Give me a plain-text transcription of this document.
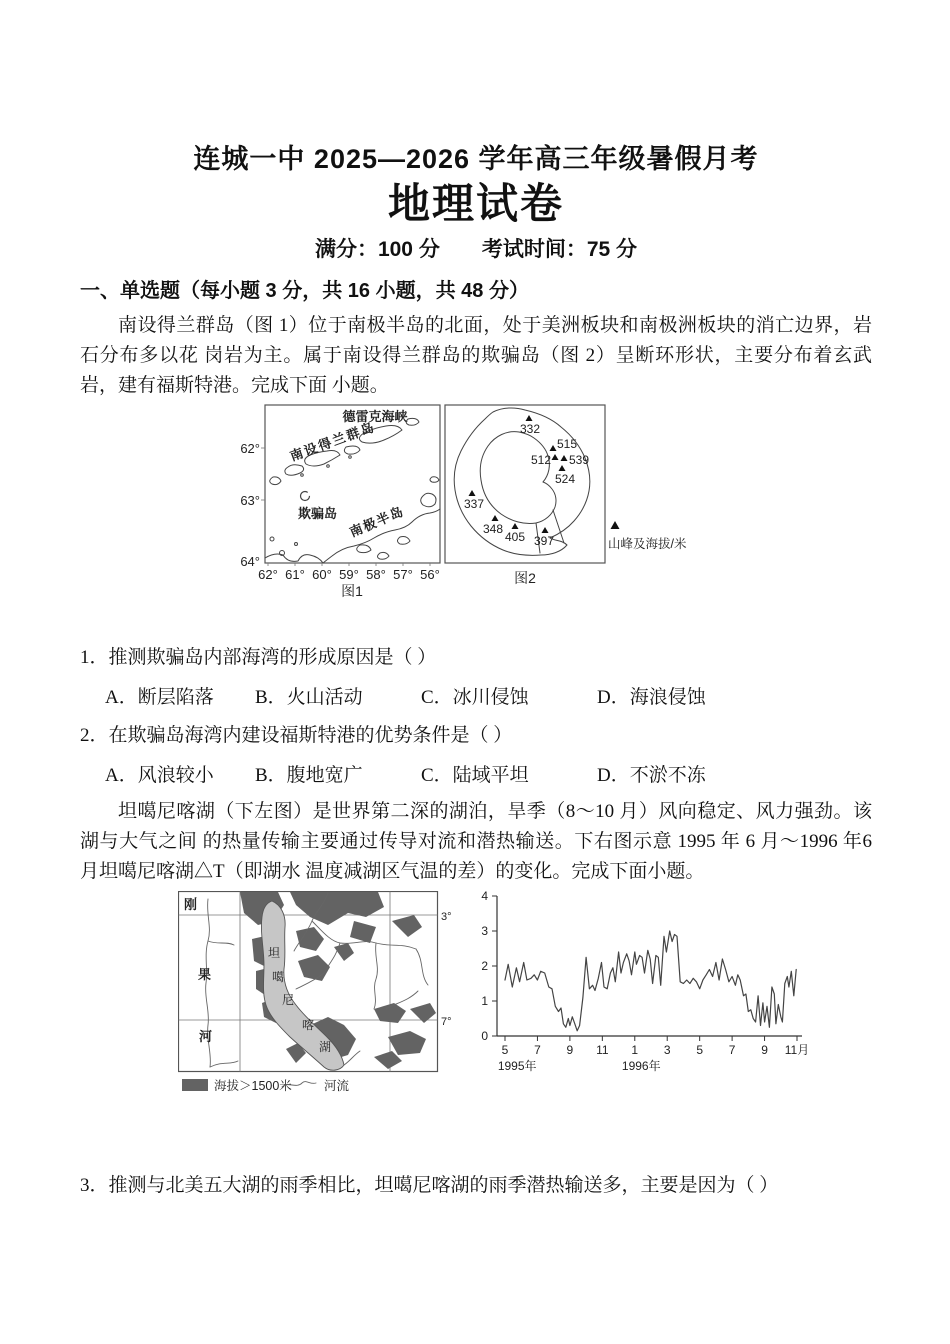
连城一中 2025—2026 学年高三年级暑假月考
地理试卷
满分：100 分　　考试时间：75 分
一、单选题（每小题 3 分，共 16 小题，共 48 分）

南设得兰群岛（图 1）位于南极半岛的北面，处于美洲板块和南极洲板块的消亡边界，岩石分布多以花 岗岩为主。属于南设得兰群岛的欺骗岛（图 2）呈断环形状，主要分布着玄武岩，建有福斯特港。完成下面 小题。

德雷克海峡
南设得兰群岛
欺骗岛 南极半岛
62°
63°
64°
62° 61° 60° 59° 58° 57° 56°
图1
332
515
512 539
524
337
348
405 397	山峰及海拔/米
图2
1．推测欺骗岛内部海湾的形成原因是（ ）
A．断层陷落	B．火山活动	C．冰川侵蚀	D．海浪侵蚀
2．在欺骗岛海湾内建设福斯特港的优势条件是（ ）
A．风浪较小	B．腹地宽广	C．陆域平坦	D．不淤不冻

坦噶尼喀湖（下左图）是世界第二深的湖泊，旱季（8～10 月）风向稳定、风力强劲。该湖与大气之间 的热量传输主要通过传导对流和潜热输送。下右图示意 1995 年 6 月～1996 年6 月坦噶尼喀湖△T（即湖水 温度减湖区气温的差）的变化。完成下面小题。

刚
果
河
坦
噶
尼
喀
湖
3°
7°
海拔＞1500米	河流
0
1
2
3
4
5 7 9 11 1 3 5 7 9 11月
1995年	1996年
3．推测与北美五大湖的雨季相比，坦噶尼喀湖的雨季潜热输送多，主要是因为（ ）
